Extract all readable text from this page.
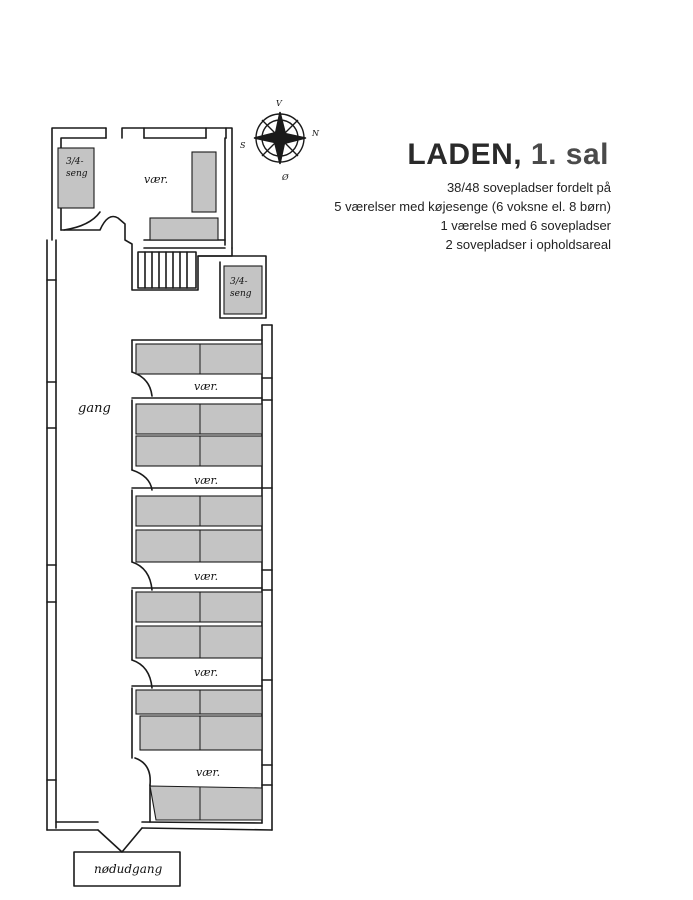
LADEN, 1. sal
38/48 sovepladser fordelt på
5 værelser med køjesenge (6 voksne el. 8 børn)
1 værelse med 6 sovepladser
2 sovepladser i opholdsareal
V
N
Ø
S
vær.
3/4-
seng
3/4-
seng
vær.
vær.
vær.
vær.
vær.
gang
nødudgang
